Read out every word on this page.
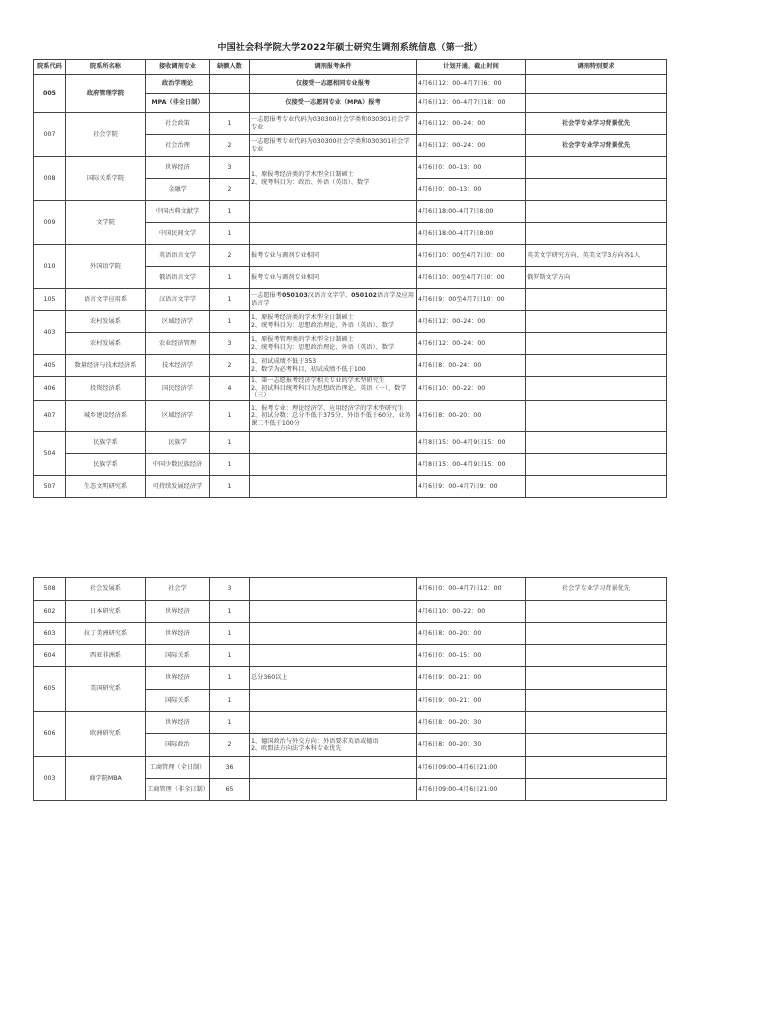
中国社会科学院大学2022年硕士研究生调剂系统信息（第一批）
院系代码	院系所名称	接收调剂专业	缺额人数	调剂报考条件	计划开通、截止时间	调剂特别要求
005	政府管理学院	政治学理论		仅接受一志愿相同专业报考	4月6日12：00–4月7日6：00	
		MPA（非全日制）		仅接受一志愿同专业（MPA）报考	4月6日12：00–4月7日18：00	
007	社会学院	社会政策	1	一志愿报考专业代码为030300社会学类和030301社会学专业	4月6日12：00–24：00	社会学专业学习背景优先
		社会治理	2	一志愿报考专业代码为030300社会学类和030301社会学专业	4月6日12：00–24：00	社会学专业学习背景优先
008	国际关系学院	世界经济	3	1、原报考经济类的学术型全日制硕士
2、统考科目为：政治、外语（英语）、数学	4月6日0：00–13：00	
		金融学	2		4月6日0：00–13：00	
009	文学院	中国古典文献学	1		4月6日18:00–4月7日8:00	
		中国民间文学	1		4月6日18:00–4月7日8:00	
010	外国语学院	英语语言文学	2	报考专业与调剂专业相同	4月6日10：00至4月7日0：00	英美文学研究方向、英美文学3方向各1人
		俄语语言文学	1	报考专业与调剂专业相同	4月6日10：00至4月7日0：00	俄罗斯文学方向
105	语言文字应用系	汉语言文字学	1	一志愿报考050103汉语言文字学、050102语言学及应用语言学	4月6日9：00至4月7日10：00	
403	农村发展系	区域经济学	1	1、原报考经济类的学术型全日制硕士
2、统考科目为：思想政治理论、外语（英语）、数学	4月6日12：00–24：00	
	农村发展系	农业经济管理	3	1、原报考管理类的学术型全日制硕士
2、统考科目为：思想政治理论、外语（英语）、数学	4月6日12：00–24：00	
405	数量经济与技术经济系	技术经济学	2	1、初试成绩不低于353
2、数学为必考科目，初试成绩不低于100	4月6日8：00–24：00	
406	投资经济系	国民经济学	4	1、第一志愿报考经济学相关专业的学术型研究生
2、初试科目统考科目为思想政治理论、英语（一）、数学（三）	4月6日10：00–22：00	
407	城乡建设经济系	区域经济学	1	1、报考专业：理论经济学、应用经济学的学术型研究生
2、初试分数：总分不低于375分、外语不低于60分、业务课二不低于100分	4月6日8：00–20：00	
504	民族学系	民族学	1		4月8日15：00–4月9日15：00	
	民族学系	中国少数民族经济	1		4月8日15：00–4月9日15：00	
507	生态文明研究系	可持续发展经济学	1		4月6日9：00–4月7日9：00	
508	社会发展系	社会学	3		4月6日0：00–4月7日12：00	社会学专业学习背景优先
602	日本研究系	世界经济	1		4月6日10：00–22：00	
603	拉丁美洲研究系	世界经济	1		4月6日8：00–20：00	
604	西亚非洲系	国际关系	1		4月6日0：00–15：00	
605	美国研究系	世界经济	1	总分360以上	4月6日9：00–21：00	
		国际关系	1		4月6日9：00–21：00	
606	欧洲研究系	世界经济	1		4月6日8：00–20：30	
		国际政治	2	1、德国政治与外交方向：外语要求英语或德语
2、欧盟法方向法学本科专业优先	4月6日8：00–20：30	
003	商学院MBA	工商管理（全日制）	36		4月6日09:00–4月6日21:00	
		工商管理（非全日制）	65		4月6日09:00–4月6日21:00	
